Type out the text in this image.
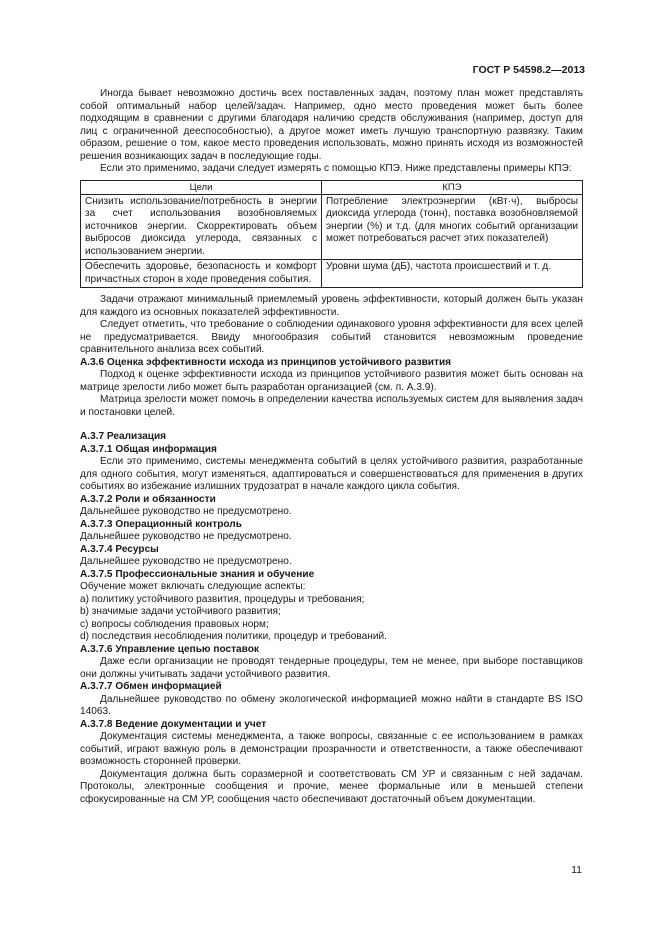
ГОСТ Р 54598.2—2013

Иногда бывает невозможно достичь всех поставленных задач, поэтому план может представлять собой оптимальный набор целей/задач. Например, одно место проведения может быть более подходящим в сравнении с другими благодаря наличию средств обслуживания (например, доступ для лиц с ограниченной дееспособностью), а другое может иметь лучшую транспортную развязку. Таким образом, решение о том, какое место проведения использовать, можно принять исходя из возможностей решения возникающих задач в последующие годы.

Если это применимо, задачи следует измерять с помощью КПЭ. Ниже представлены примеры КПЭ:

Цели	КПЭ
Снизить использование/потребность в энергии за счет использования возобновляемых источников энергии. Скорректировать объем выбросов диоксида углерода, связанных с использованием энергии.	Потребление электроэнергии (кВт·ч), выбросы диоксида углерода (тонн), поставка возобновляемой энергии (%) и т.д. (для многих событий организации может потребоваться расчет этих показателей)
Обеспечить здоровье, безопасность и комфорт причастных сторон в ходе проведения события.	Уровни шума (дБ), частота происшествий и т. д.

Задачи отражают минимальный приемлемый уровень эффективности, который должен быть указан для каждого из основных показателей эффективности.

Следует отметить, что требование о соблюдении одинакового уровня эффективности для всех целей не предусматривается. Ввиду многообразия событий становится невозможным проведение сравнительного анализа всех событий.

А.3.6 Оценка эффективности исхода из принципов устойчивого развития

Подход к оценке эффективности исхода из принципов устойчивого развития может быть основан на матрице зрелости либо может быть разработан организацией (см. п. А.3.9).

Матрица зрелости может помочь в определении качества используемых систем для выявления задач и постановки целей.

А.3.7 Реализация

А.3.7.1 Общая информация

Если это применимо, системы менеджмента событий в целях устойчивого развития, разработанные для одного события, могут изменяться, адаптироваться и совершенствоваться для применения в других событиях во избежание излишних трудозатрат в начале каждого цикла события.

А.3.7.2 Роли и обязанности

Дальнейшее руководство не предусмотрено.

А.3.7.3 Операционный контроль

Дальнейшее руководство не предусмотрено.

А.3.7.4 Ресурсы

Дальнейшее руководство не предусмотрено.

А.3.7.5 Профессиональные знания и обучение

Обучение может включать следующие аспекты:

a) политику устойчивого развития, процедуры и требования;

b) значимые задачи устойчивого развития;

c) вопросы соблюдения правовых норм;

d) последствия несоблюдения политики, процедур и требований.

А.3.7.6 Управление цепью поставок

Даже если организации не проводят тендерные процедуры, тем не менее, при выборе поставщиков они должны учитывать задачи устойчивого развития.

А.3.7.7 Обмен информацией

Дальнейшее руководство по обмену экологической информацией можно найти в стандарте BS ISO 14063.

А.3.7.8 Ведение документации и учет

Документация системы менеджмента, а также вопросы, связанные с ее использованием в рамках событий, играют важную роль в демонстрации прозрачности и ответственности, а также обеспечивают возможность сторонней проверки.

Документация должна быть соразмерной и соответствовать СМ УР и связанным с ней задачам. Протоколы, электронные сообщения и прочие, менее формальные или в меньшей степени сфокусированные на СМ УР, сообщения часто обеспечивают достаточный объем документации.

11
